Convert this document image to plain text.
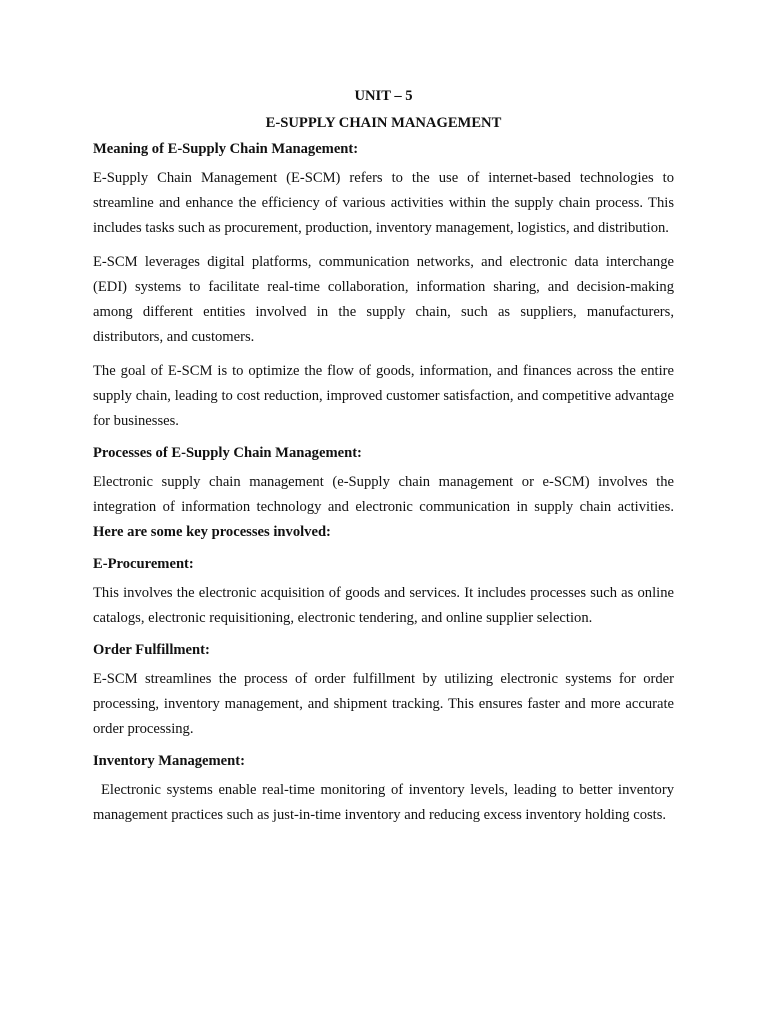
UNIT – 5
E-SUPPLY CHAIN MANAGEMENT
Meaning of E-Supply Chain Management:

E-Supply Chain Management (E-SCM) refers to the use of internet-based technologies to streamline and enhance the efficiency of various activities within the supply chain process. This includes tasks such as procurement, production, inventory management, logistics, and distribution.

E-SCM leverages digital platforms, communication networks, and electronic data interchange (EDI) systems to facilitate real-time collaboration, information sharing, and decision-making among different entities involved in the supply chain, such as suppliers, manufacturers, distributors, and customers.

The goal of E-SCM is to optimize the flow of goods, information, and finances across the entire supply chain, leading to cost reduction, improved customer satisfaction, and competitive advantage for businesses.

Processes of E-Supply Chain Management:

Electronic supply chain management (e-Supply chain management or e-SCM) involves the integration of information technology and electronic communication in supply chain activities. Here are some key processes involved:

E-Procurement:

This involves the electronic acquisition of goods and services. It includes processes such as online catalogs, electronic requisitioning, electronic tendering, and online supplier selection.

Order Fulfillment:

E-SCM streamlines the process of order fulfillment by utilizing electronic systems for order processing, inventory management, and shipment tracking. This ensures faster and more accurate order processing.

Inventory Management:

Electronic systems enable real-time monitoring of inventory levels, leading to better inventory management practices such as just-in-time inventory and reducing excess inventory holding costs.
